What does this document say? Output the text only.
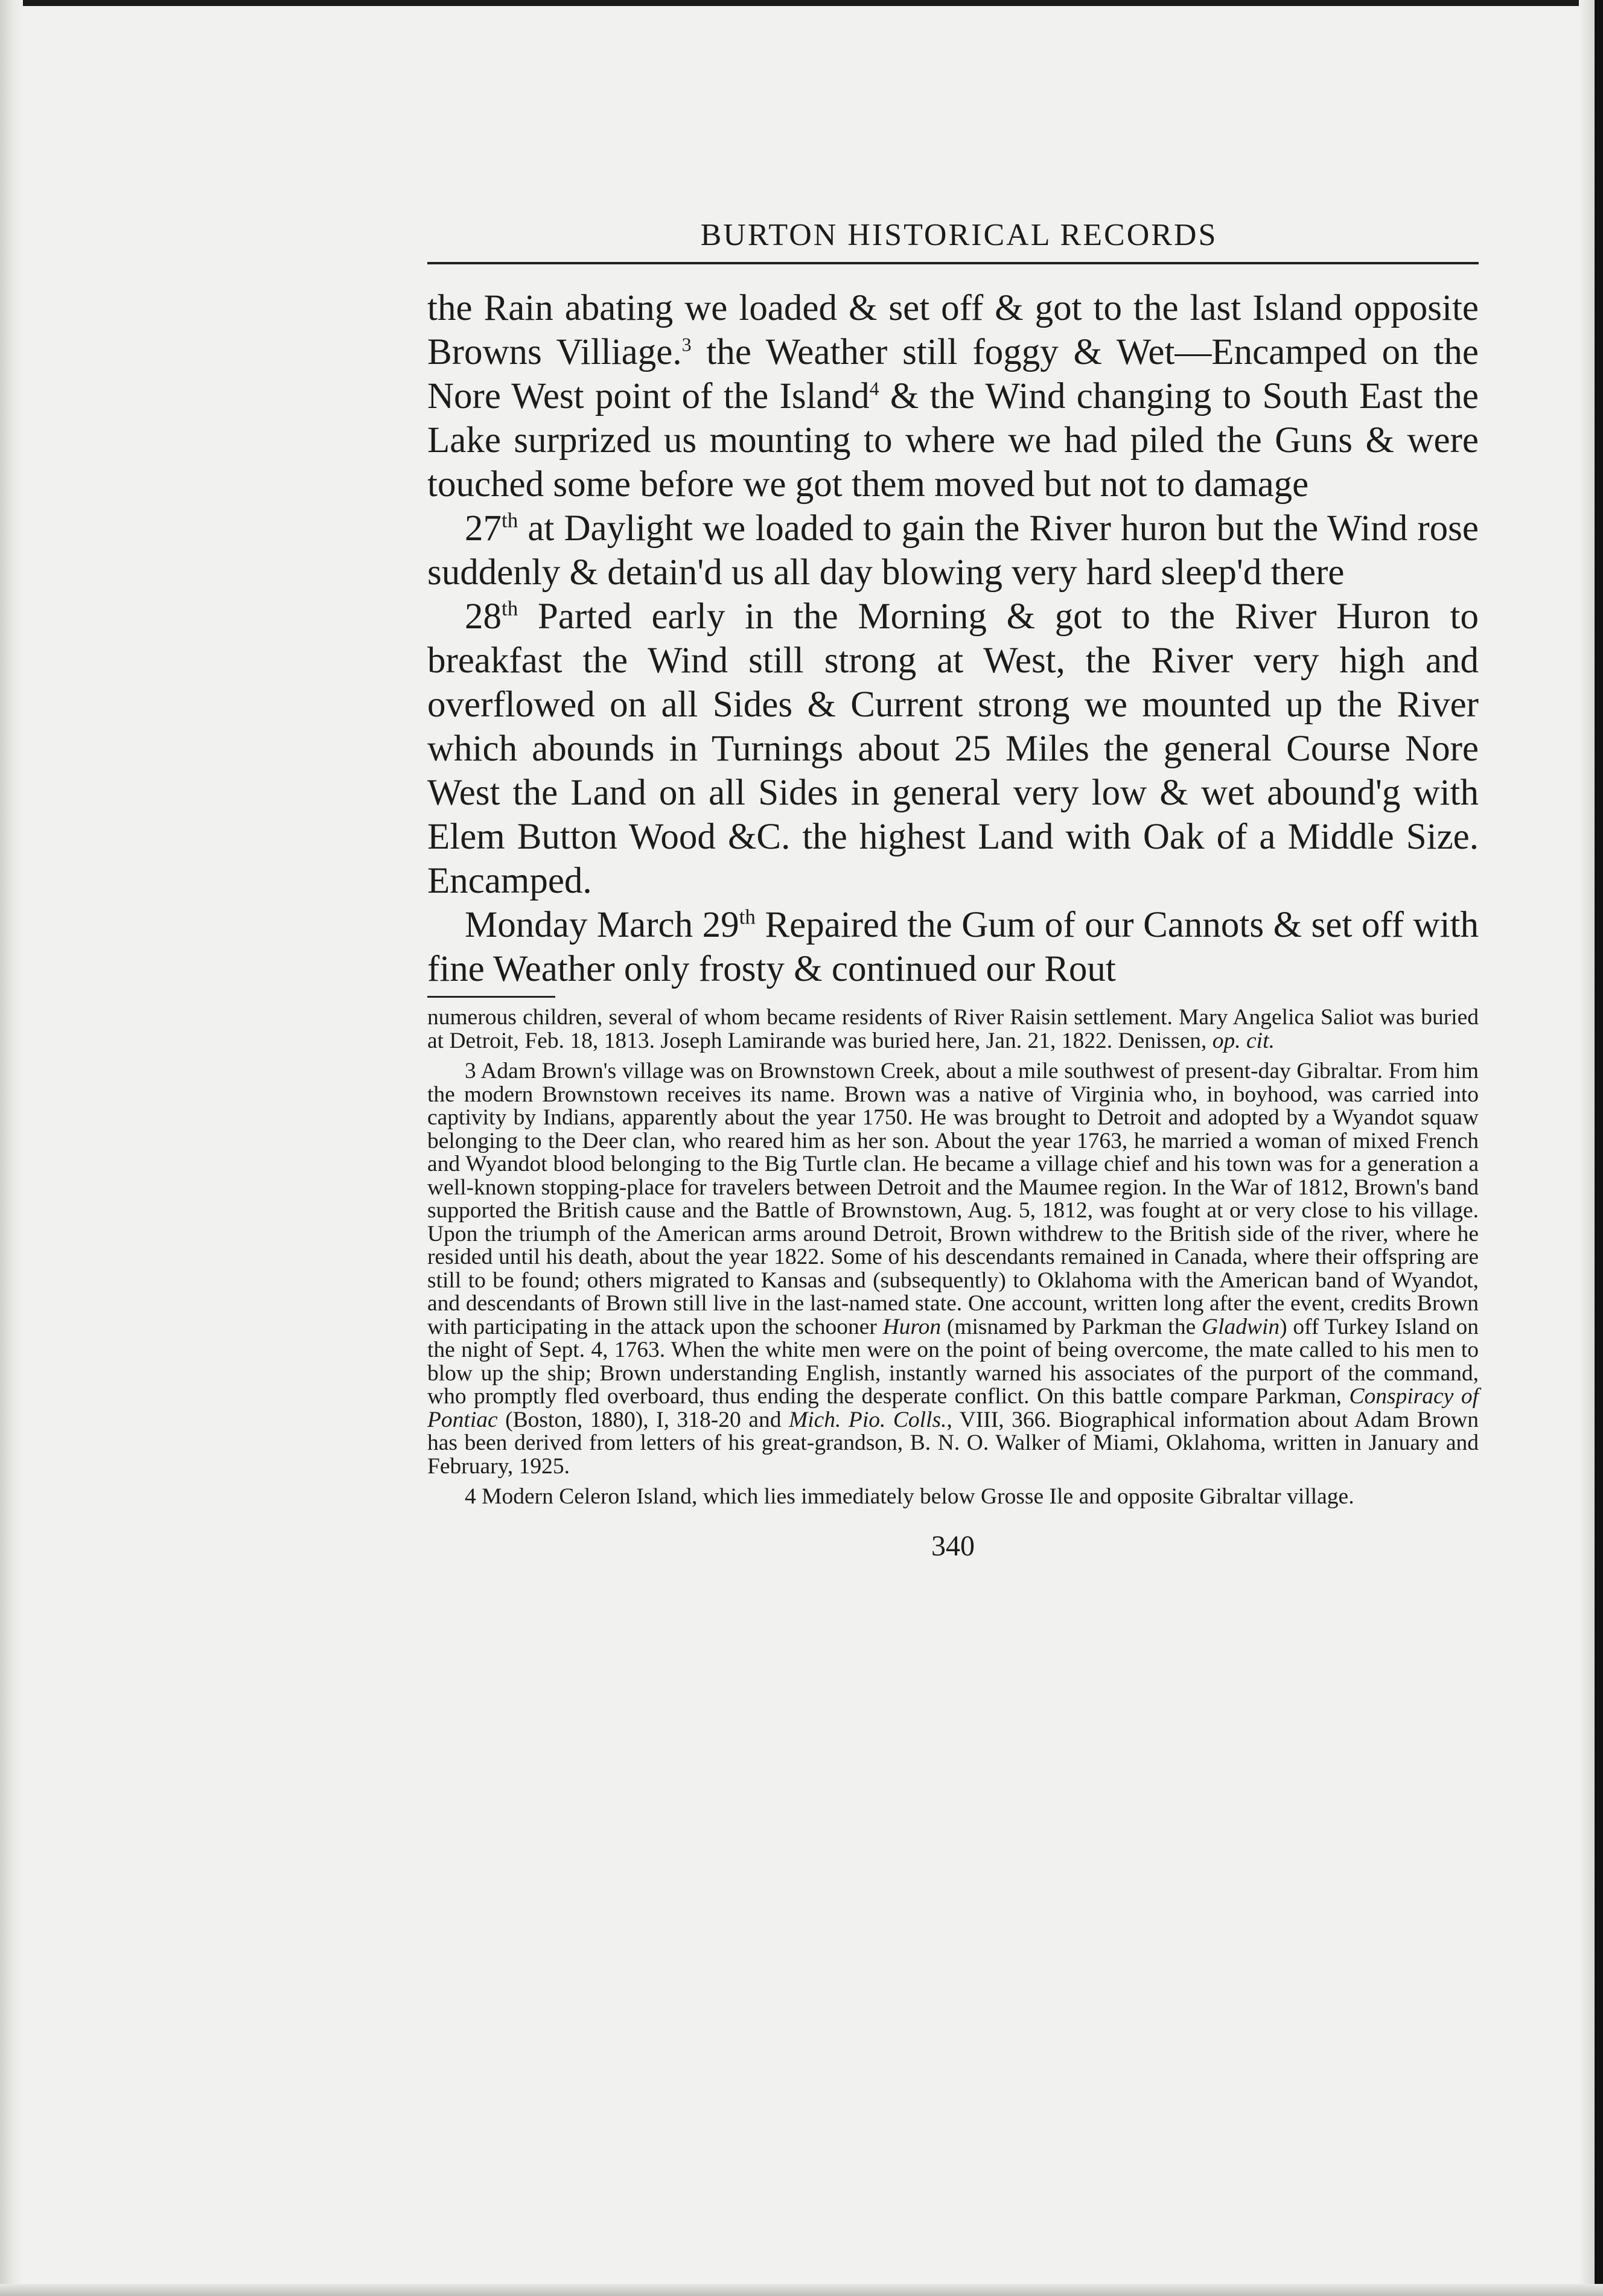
BURTON HISTORICAL RECORDS

the Rain abating we loaded & set off & got to the last Island opposite Browns Villiage.$^3$ the Weather still foggy & Wet—Encamped on the Nore West point of the Island$^4$ & the Wind changing to South East the Lake surprized us mounting to where we had piled the Guns & were touched some before we got them moved but not to damage

27th at Daylight we loaded to gain the River huron but the Wind rose suddenly & detain'd us all day blowing very hard sleep'd there

28th Parted early in the Morning & got to the River Huron to breakfast the Wind still strong at West, the River very high and overflowed on all Sides & Current strong we mounted up the River which abounds in Turnings about 25 Miles the general Course Nore West the Land on all Sides in general very low & wet abound'g with Elem Button Wood &C. the highest Land with Oak of a Middle Size. Encamped.

Monday March 29th Repaired the Gum of our Cannots & set off with fine Weather only frosty & continued our Rout

numerous children, several of whom became residents of River Raisin settlement. Mary Angelica Saliot was buried at Detroit, Feb. 18, 1813. Joseph Lamirande was buried here, Jan. 21, 1822. Denissen, op. cit.

3 Adam Brown's village was on Brownstown Creek, about a mile southwest of present-day Gibraltar. From him the modern Brownstown receives its name. Brown was a native of Virginia who, in boyhood, was carried into captivity by Indians, apparently about the year 1750. He was brought to Detroit and adopted by a Wyandot squaw belonging to the Deer clan, who reared him as her son. About the year 1763, he married a woman of mixed French and Wyandot blood belonging to the Big Turtle clan. He became a village chief and his town was for a generation a well-known stopping-place for travelers between Detroit and the Maumee region. In the War of 1812, Brown's band supported the British cause and the Battle of Brownstown, Aug. 5, 1812, was fought at or very close to his village. Upon the triumph of the American arms around Detroit, Brown withdrew to the British side of the river, where he resided until his death, about the year 1822. Some of his descendants remained in Canada, where their offspring are still to be found; others migrated to Kansas and (subsequently) to Oklahoma with the American band of Wyandot, and descendants of Brown still live in the last-named state. One account, written long after the event, credits Brown with participating in the attack upon the schooner Huron (misnamed by Parkman the Gladwin) off Turkey Island on the night of Sept. 4, 1763. When the white men were on the point of being overcome, the mate called to his men to blow up the ship; Brown understanding English, instantly warned his associates of the purport of the command, who promptly fled overboard, thus ending the desperate conflict. On this battle compare Parkman, Conspiracy of Pontiac (Boston, 1880), I, 318-20 and Mich. Pio. Colls., VIII, 366. Biographical information about Adam Brown has been derived from letters of his great-grandson, B. N. O. Walker of Miami, Oklahoma, written in January and February, 1925.

4 Modern Celeron Island, which lies immediately below Grosse Ile and opposite Gibraltar village.

340
